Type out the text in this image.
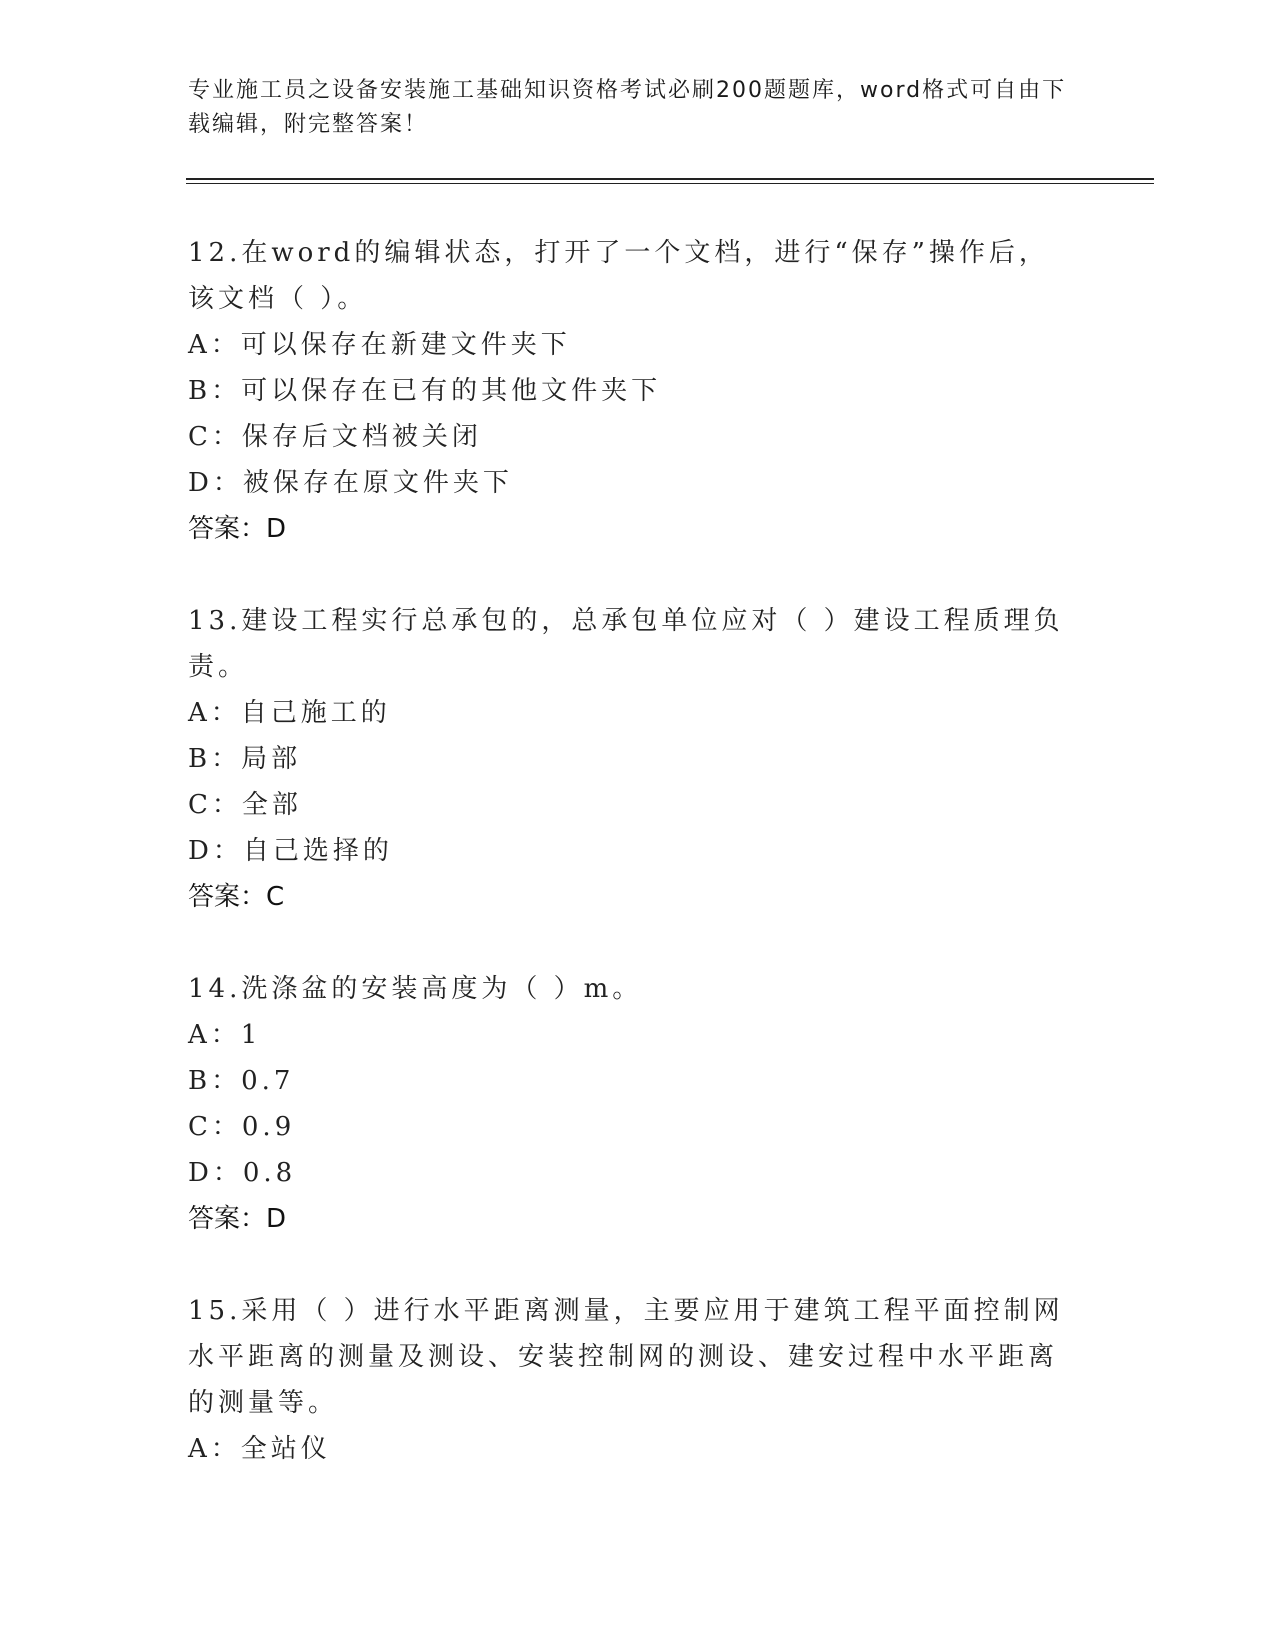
专业施工员之设备安装施工基础知识资格考试必刷200题题库，word格式可自由下载编辑，附完整答案！

12.在word的编辑状态，打开了一个文档，进行“保存”操作后，该文档（ ）。

A：可以保存在新建文件夹下

B：可以保存在已有的其他文件夹下

C：保存后文档被关闭

D：被保存在原文件夹下

答案：D

13.建设工程实行总承包的，总承包单位应对（ ）建设工程质理负责。

A：自己施工的

B：局部

C：全部

D：自己选择的

答案：C

14.洗涤盆的安装高度为（ ）m。

A：1

B：0.7

C：0.9

D：0.8

答案：D

15.采用（ ）进行水平距离测量，主要应用于建筑工程平面控制网水平距离的测量及测设、安装控制网的测设、建安过程中水平距离的测量等。

A：全站仪
